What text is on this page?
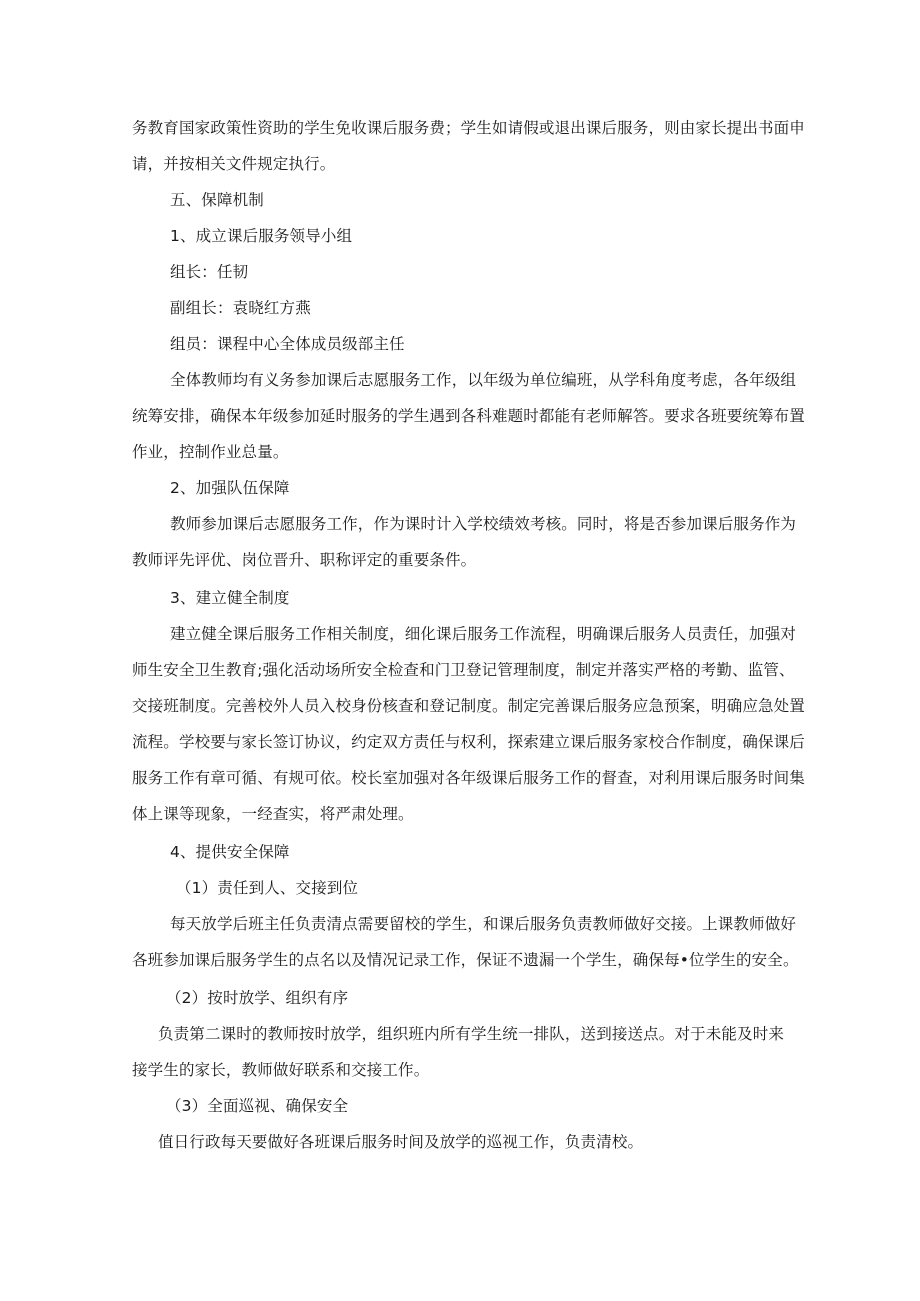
务教育国家政策性资助的学生免收课后服务费；学生如请假或退出课后服务，则由家长提出书面申
请，并按相关文件规定执行。
五、保障机制
1、成立课后服务领导小组
组长：任韧
副组长：袁晓红方燕
组员：课程中心全体成员级部主任
全体教师均有义务参加课后志愿服务工作，以年级为单位编班，从学科角度考虑，各年级组
统筹安排，确保本年级参加延时服务的学生遇到各科难题时都能有老师解答。要求各班要统筹布置
作业，控制作业总量。
2、加强队伍保障
教师参加课后志愿服务工作，作为课时计入学校绩效考核。同时，将是否参加课后服务作为
教师评先评优、岗位晋升、职称评定的重要条件。
3、建立健全制度
建立健全课后服务工作相关制度，细化课后服务工作流程，明确课后服务人员责任，加强对
师生安全卫生教育;强化活动场所安全检查和门卫登记管理制度，制定并落实严格的考勤、监管、
交接班制度。完善校外人员入校身份核查和登记制度。制定完善课后服务应急预案，明确应急处置
流程。学校要与家长签订协议，约定双方责任与权利，探索建立课后服务家校合作制度，确保课后
服务工作有章可循、有规可依。校长室加强对各年级课后服务工作的督查，对利用课后服务时间集
体上课等现象，一经查实，将严肃处理。
4、提供安全保障
（1）责任到人、交接到位
每天放学后班主任负责清点需要留校的学生，和课后服务负责教师做好交接。上课教师做好
各班参加课后服务学生的点名以及情况记录工作，保证不遗漏一个学生，确保每•位学生的安全。
（2）按时放学、组织有序
负责第二课时的教师按时放学，组织班内所有学生统一排队，送到接送点。对于未能及时来
接学生的家长，教师做好联系和交接工作。
（3）全面巡视、确保安全
值日行政每天要做好各班课后服务时间及放学的巡视工作，负责清校。
